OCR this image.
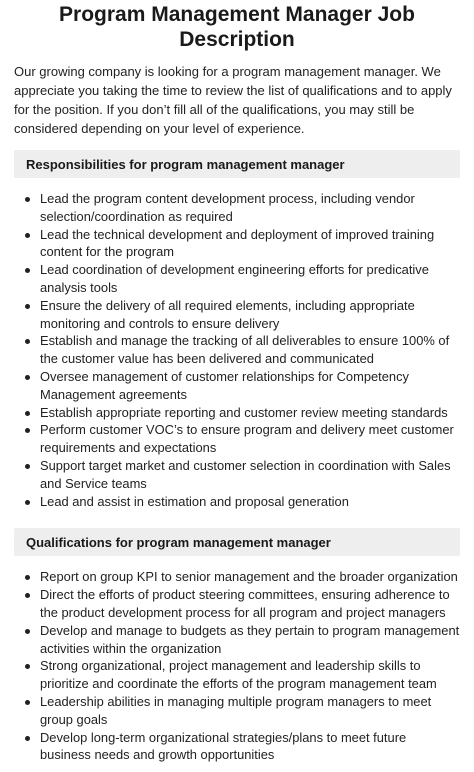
Program Management Manager Job Description

Our growing company is looking for a program management manager. We appreciate you taking the time to review the list of qualifications and to apply for the position. If you don’t fill all of the qualifications, you may still be considered depending on your level of experience.

Responsibilities for program management manager
Lead the program content development process, including vendor selection/coordination as required
Lead the technical development and deployment of improved training content for the program
Lead coordination of development engineering efforts for predicative analysis tools
Ensure the delivery of all required elements, including appropriate monitoring and controls to ensure delivery
Establish and manage the tracking of all deliverables to ensure 100% of the customer value has been delivered and communicated
Oversee management of customer relationships for Competency Management agreements
Establish appropriate reporting and customer review meeting standards
Perform customer VOC’s to ensure program and delivery meet customer requirements and expectations
Support target market and customer selection in coordination with Sales and Service teams
Lead and assist in estimation and proposal generation
Qualifications for program management manager
Report on group KPI to senior management and the broader organization
Direct the efforts of product steering committees, ensuring adherence to the product development process for all program and project managers
Develop and manage to budgets as they pertain to program management activities within the organization
Strong organizational, project management and leadership skills to prioritize and coordinate the efforts of the program management team
Leadership abilities in managing multiple program managers to meet group goals
Develop long-term organizational strategies/plans to meet future business needs and growth opportunities
